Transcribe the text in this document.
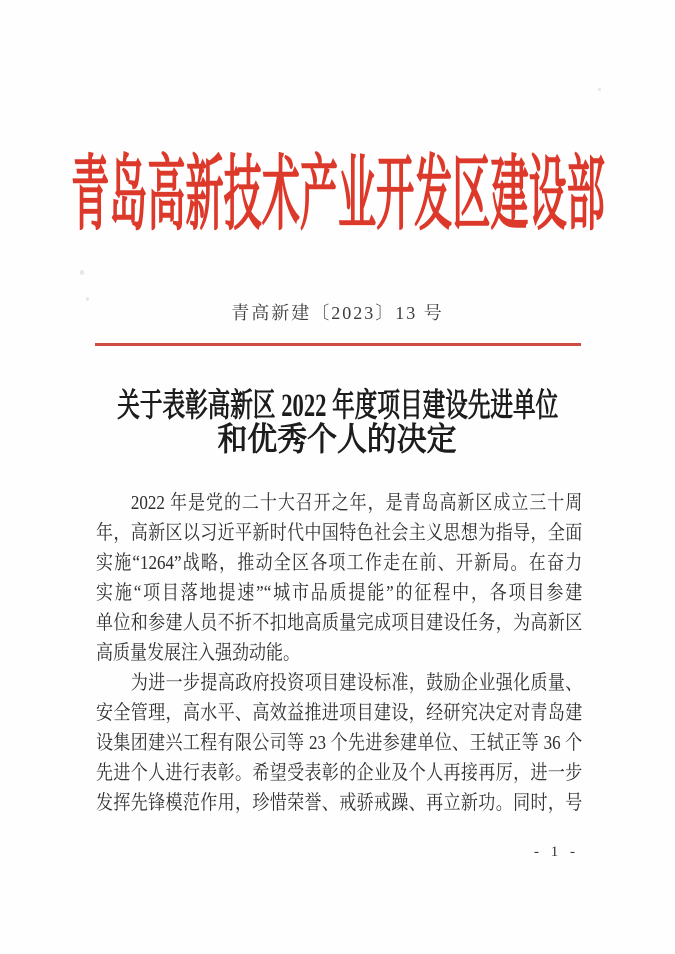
青岛高新技术产业开发区建设部
青高新建〔2023〕13 号
关于表彰高新区 2022 年度项目建设先进单位
和优秀个人的决定
2022 年是党的二十大召开之年，是青岛高新区成立三十周
年，高新区以习近平新时代中国特色社会主义思想为指导，全面
实施“1264”战略，推动全区各项工作走在前、开新局。在奋力
实施“项目落地提速”“城市品质提能”的征程中，各项目参建
单位和参建人员不折不扣地高质量完成项目建设任务，为高新区
高质量发展注入强劲动能。
为进一步提高政府投资项目建设标准，鼓励企业强化质量、
安全管理，高水平、高效益推进项目建设，经研究决定对青岛建
设集团建兴工程有限公司等 23 个先进参建单位、王轼正等 36 个
先进个人进行表彰。希望受表彰的企业及个人再接再厉，进一步
发挥先锋模范作用，珍惜荣誉、戒骄戒躁、再立新功。同时，号
- 1 -
